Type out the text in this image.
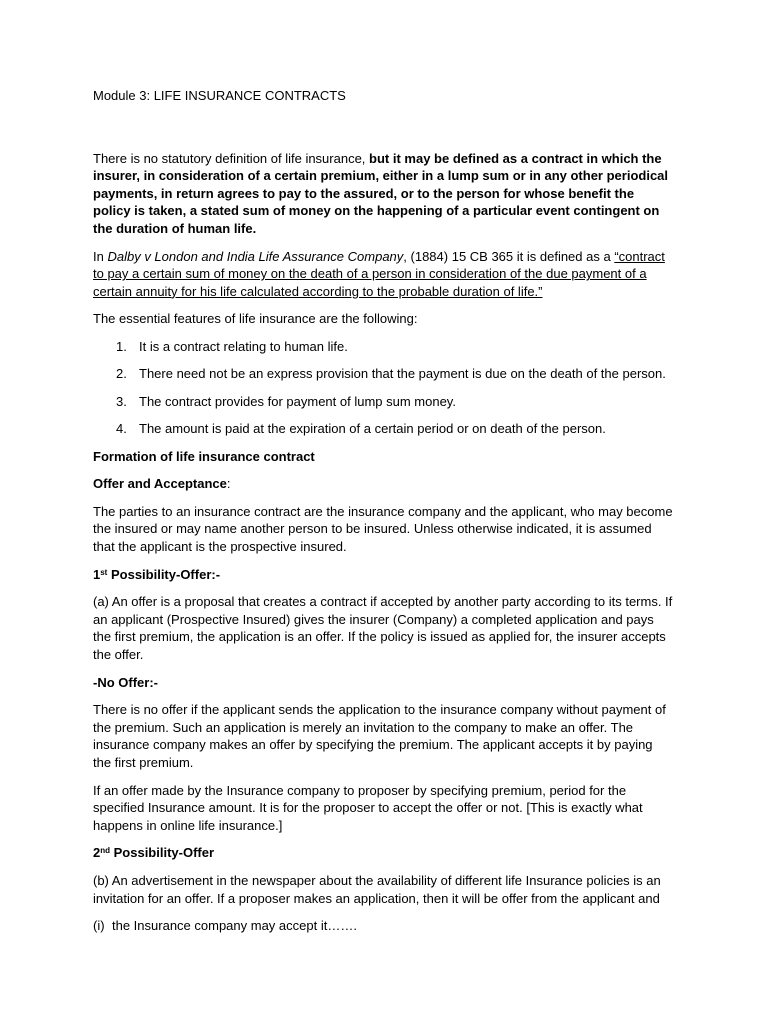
Module 3: LIFE INSURANCE CONTRACTS

There is no statutory definition of life insurance, but it may be defined as a contract in which the insurer, in consideration of a certain premium, either in a lump sum or in any other periodical payments, in return agrees to pay to the assured, or to the person for whose benefit the policy is taken, a stated sum of money on the happening of a particular event contingent on the duration of human life.

In Dalby v London and India Life Assurance Company, (1884) 15 CB 365 it is defined as a “contract to pay a certain sum of money on the death of a person in consideration of the due payment of a certain annuity for his life calculated according to the probable duration of life.”

The essential features of life insurance are the following:

1. It is a contract relating to human life.
2. There need not be an express provision that the payment is due on the death of the person.
3. The contract provides for payment of lump sum money.
4. The amount is paid at the expiration of a certain period or on death of the person.

Formation of life insurance contract

Offer and Acceptance:

The parties to an insurance contract are the insurance company and the applicant, who may become the insured or may name another person to be insured. Unless otherwise indicated, it is assumed that the applicant is the prospective insured.

1st Possibility-Offer:-

(a) An offer is a proposal that creates a contract if accepted by another party according to its terms. If an applicant (Prospective Insured) gives the insurer (Company) a completed application and pays the first premium, the application is an offer. If the policy is issued as applied for, the insurer accepts the offer.

-No Offer:-

There is no offer if the applicant sends the application to the insurance company without payment of the premium. Such an application is merely an invitation to the company to make an offer. The insurance company makes an offer by specifying the premium. The applicant accepts it by paying the first premium.

If an offer made by the Insurance company to proposer by specifying premium, period for the specified Insurance amount. It is for the proposer to accept the offer or not. [This is exactly what happens in online life insurance.]

2nd Possibility-Offer

(b) An advertisement in the newspaper about the availability of different life Insurance policies is an invitation for an offer. If a proposer makes an application, then it will be offer from the applicant and

(i) the Insurance company may accept it…….
